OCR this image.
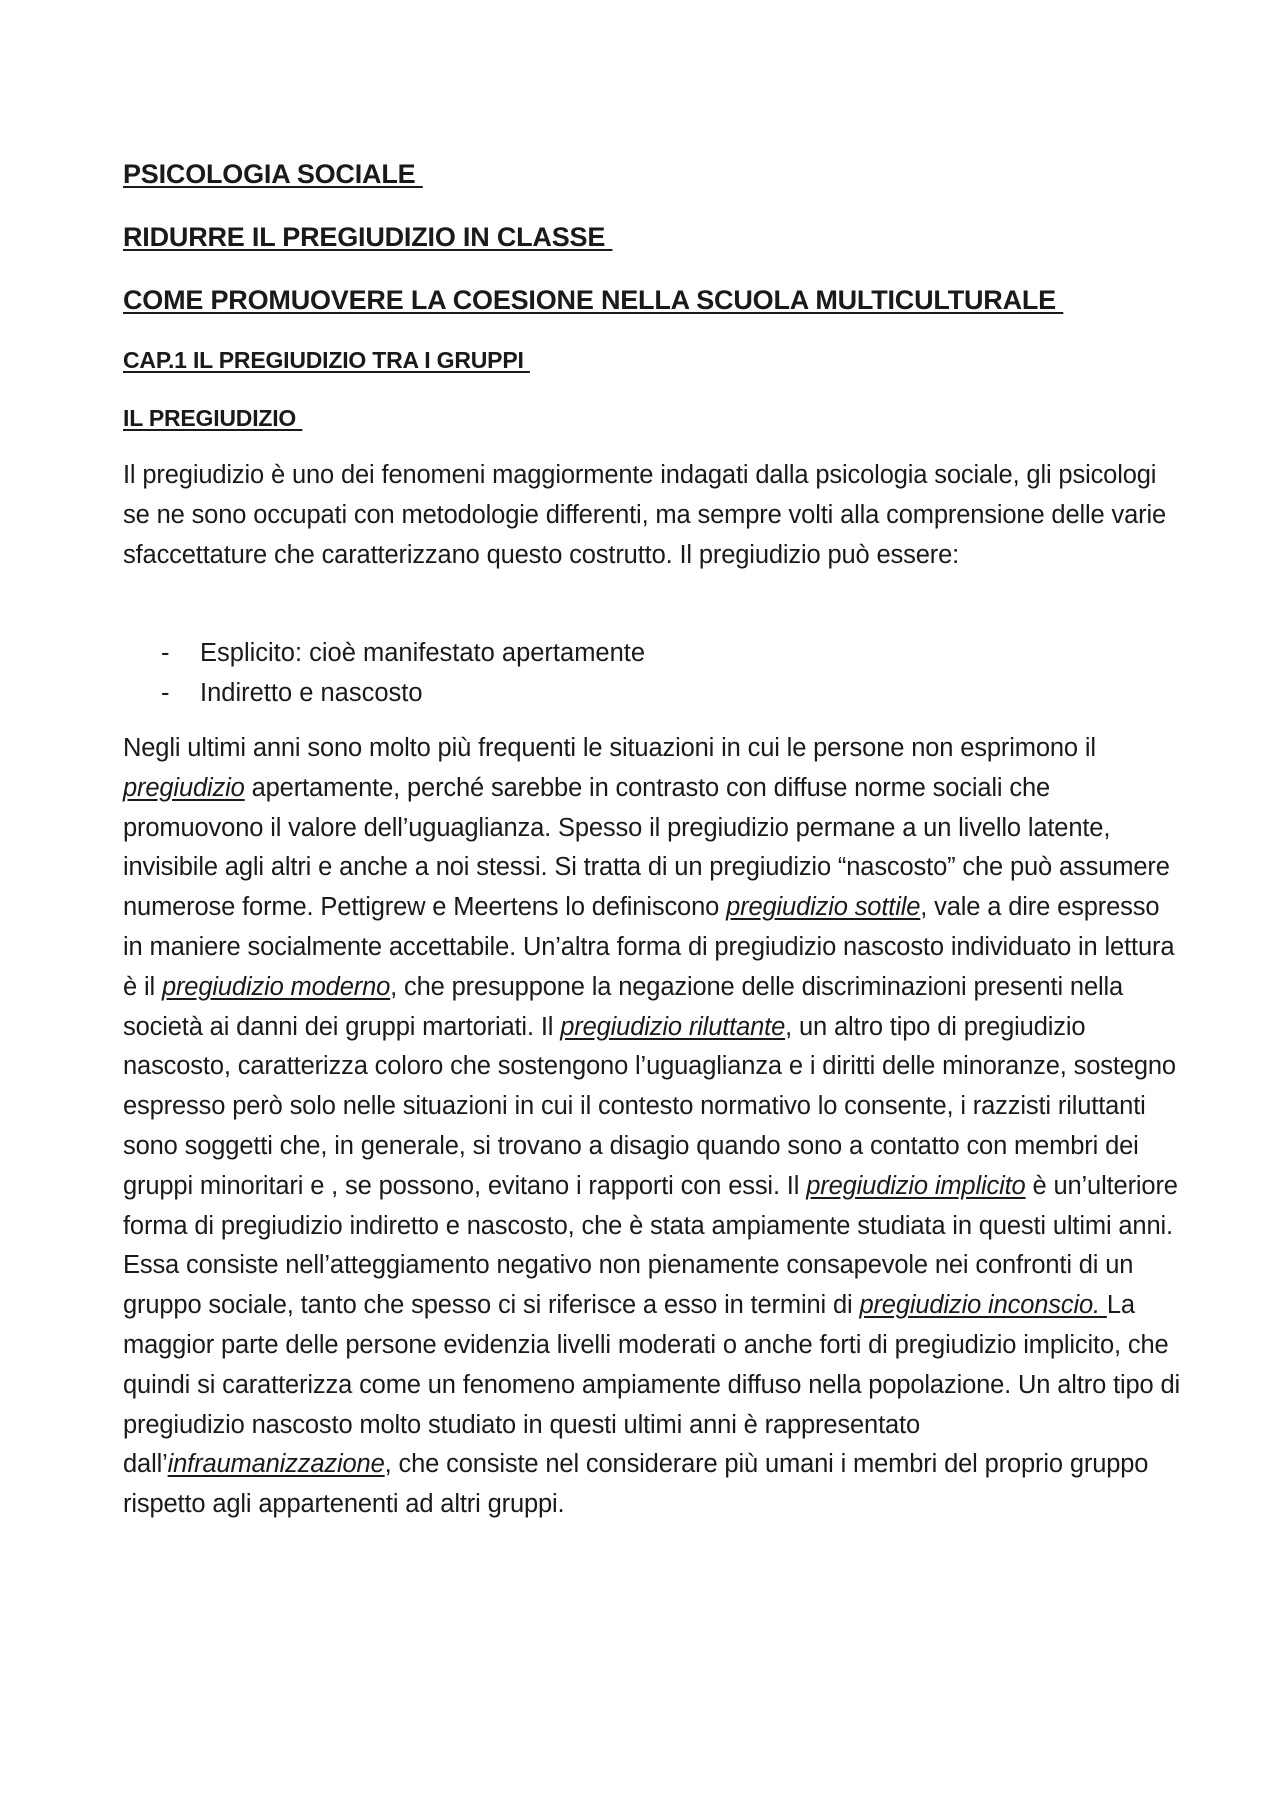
PSICOLOGIA SOCIALE
RIDURRE IL PREGIUDIZIO IN CLASSE
COME PROMUOVERE LA COESIONE NELLA SCUOLA MULTICULTURALE
CAP.1 IL PREGIUDIZIO TRA I GRUPPI
IL PREGIUDIZIO

Il pregiudizio è uno dei fenomeni maggiormente indagati dalla psicologia sociale, gli psicologi se ne sono occupati con metodologie differenti, ma sempre volti alla comprensione delle varie sfaccettature che caratterizzano questo costrutto. Il pregiudizio può essere:

- Esplicito: cioè manifestato apertamente
- Indiretto e nascosto

Negli ultimi anni sono molto più frequenti le situazioni in cui le persone non esprimono il pregiudizio apertamente, perché sarebbe in contrasto con diffuse norme sociali che promuovono il valore dell’uguaglianza. Spesso il pregiudizio permane a un livello latente, invisibile agli altri e anche a noi stessi. Si tratta di un pregiudizio “nascosto” che può assumere numerose forme. Pettigrew e Meertens lo definiscono pregiudizio sottile, vale a dire espresso in maniere socialmente accettabile. Un’altra forma di pregiudizio nascosto individuato in lettura è il pregiudizio moderno, che presuppone la negazione delle discriminazioni presenti nella società ai danni dei gruppi martoriati. Il pregiudizio riluttante, un altro tipo di pregiudizio nascosto, caratterizza coloro che sostengono l’uguaglianza e i diritti delle minoranze, sostegno espresso però solo nelle situazioni in cui il contesto normativo lo consente, i razzisti riluttanti sono soggetti che, in generale, si trovano a disagio quando sono a contatto con membri dei gruppi minoritari e , se possono, evitano i rapporti con essi. Il pregiudizio implicito è un’ulteriore forma di pregiudizio indiretto e nascosto, che è stata ampiamente studiata in questi ultimi anni. Essa consiste nell’atteggiamento negativo non pienamente consapevole nei confronti di un gruppo sociale, tanto che spesso ci si riferisce a esso in termini di pregiudizio inconscio. La maggior parte delle persone evidenzia livelli moderati o anche forti di pregiudizio implicito, che quindi si caratterizza come un fenomeno ampiamente diffuso nella popolazione. Un altro tipo di pregiudizio nascosto molto studiato in questi ultimi anni è rappresentato dall’infraumanizzazione, che consiste nel considerare più umani i membri del proprio gruppo rispetto agli appartenenti ad altri gruppi.
